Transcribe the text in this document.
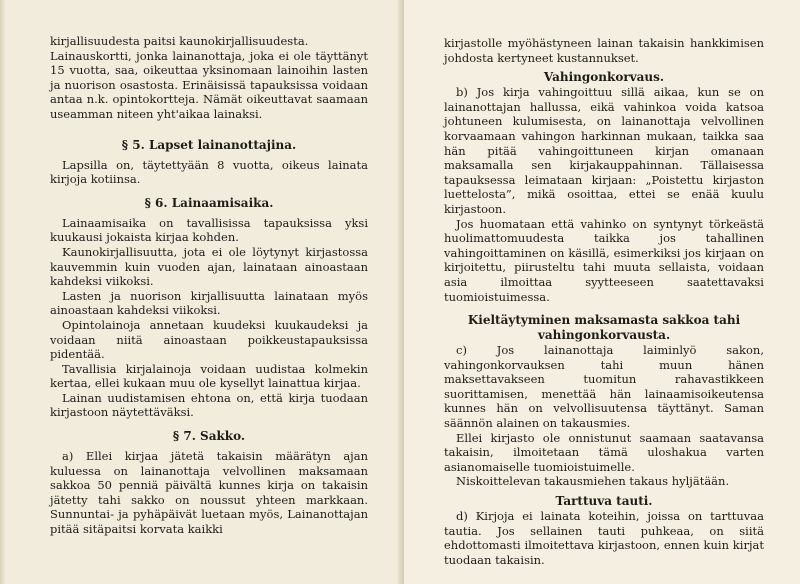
kirjallisuudesta paitsi kaunokirjallisuudesta.

Lainauskortti, jonka lainanottaja, joka ei ole täyttänyt 15 vuotta, saa, oikeuttaa yksinomaan lainoihin lasten ja nuorison osastosta. Erinäisissä tapauksissa voidaan antaa n.k. opintokortteja. Nämät oikeuttavat saamaan useamman niteen yht'aikaa lainaksi.

§ 5. Lapset lainanottajina.

Lapsilla on, täytettyään 8 vuotta, oikeus lainata kirjoja kotiinsa.

§ 6. Lainaamisaika.

Lainaamisaika on tavallisissa tapauksissa yksi kuukausi jokaista kirjaa kohden.

Kaunokirjallisuutta, jota ei ole löytynyt kirjastossa kauvemmin kuin vuoden ajan, lainataan ainoastaan kahdeksi viikoksi.

Lasten ja nuorison kirjallisuutta lainataan myös ainoastaan kahdeksi viikoksi.

Opintolainoja annetaan kuudeksi kuukaudeksi ja voidaan niitä ainoastaan poikkeustapauksissa pidentää.

Tavallisia kirjalainoja voidaan uudistaa kolmekin kertaa, ellei kukaan muu ole kysellyt lainattua kirjaa.

Lainan uudistamisen ehtona on, että kirja tuodaan kirjastoon näytettäväksi.

§ 7. Sakko.

a) Ellei kirjaa jätetä takaisin määrätyn ajan kuluessa on lainanottaja velvollinen maksamaan sakkoa 50 penniä päivältä kunnes kirja on takaisin jätetty tahi sakko on noussut yhteen markkaan. Sunnuntai- ja pyhäpäivät luetaan myös, Lainanottajan pitää sitäpaitsi korvata kaikki

kirjastolle myöhästyneen lainan takaisin hankkimisen johdosta kertyneet kustannukset.

Vahingonkorvaus.

b) Jos kirja vahingoittuu sillä aikaa, kun se on lainanottajan hallussa, eikä vahinkoa voida katsoa johtuneen kulumisesta, on lainanottaja velvollinen korvaamaan vahingon harkinnan mukaan, taikka saa hän pitää vahingoittuneen kirjan omanaan maksamalla sen kirjakauppahinnan. Tällaisessa tapauksessa leimataan kirjaan: „Poistettu kirjaston luettelosta”, mikä osoittaa, ettei se enää kuulu kirjastoon.

Jos huomataan että vahinko on syntynyt törkeästä huolimattomuudesta taikka jos tahallinen vahingoittaminen on käsillä, esimerkiksi jos kirjaan on kirjoitettu, piirusteltu tahi muuta sellaista, voidaan asia ilmoittaa syytteeseen saatettavaksi tuomioistuimessa.

Kieltäytyminen maksamasta sakkoa tahi
vahingonkorvausta.

c) Jos lainanottaja laiminlyö sakon, vahingonkorvauksen tahi muun hänen maksettavakseen tuomitun rahavastikkeen suorittamisen, menettää hän lainaamisoikeutensa kunnes hän on velvollisuutensa täyttänyt. Saman säännön alainen on takausmies.

Ellei kirjasto ole onnistunut saamaan saatavansa takaisin, ilmoitetaan tämä uloshakua varten asianomaiselle tuomioistuimelle.

Niskoittelevan takausmiehen takaus hyljätään.

Tarttuva tauti.

d) Kirjoja ei lainata koteihin, joissa on tarttuvaa tautia. Jos sellainen tauti puhkeaa, on siitä ehdottomasti ilmoitettava kirjastoon, ennen kuin kirjat tuodaan takaisin.
